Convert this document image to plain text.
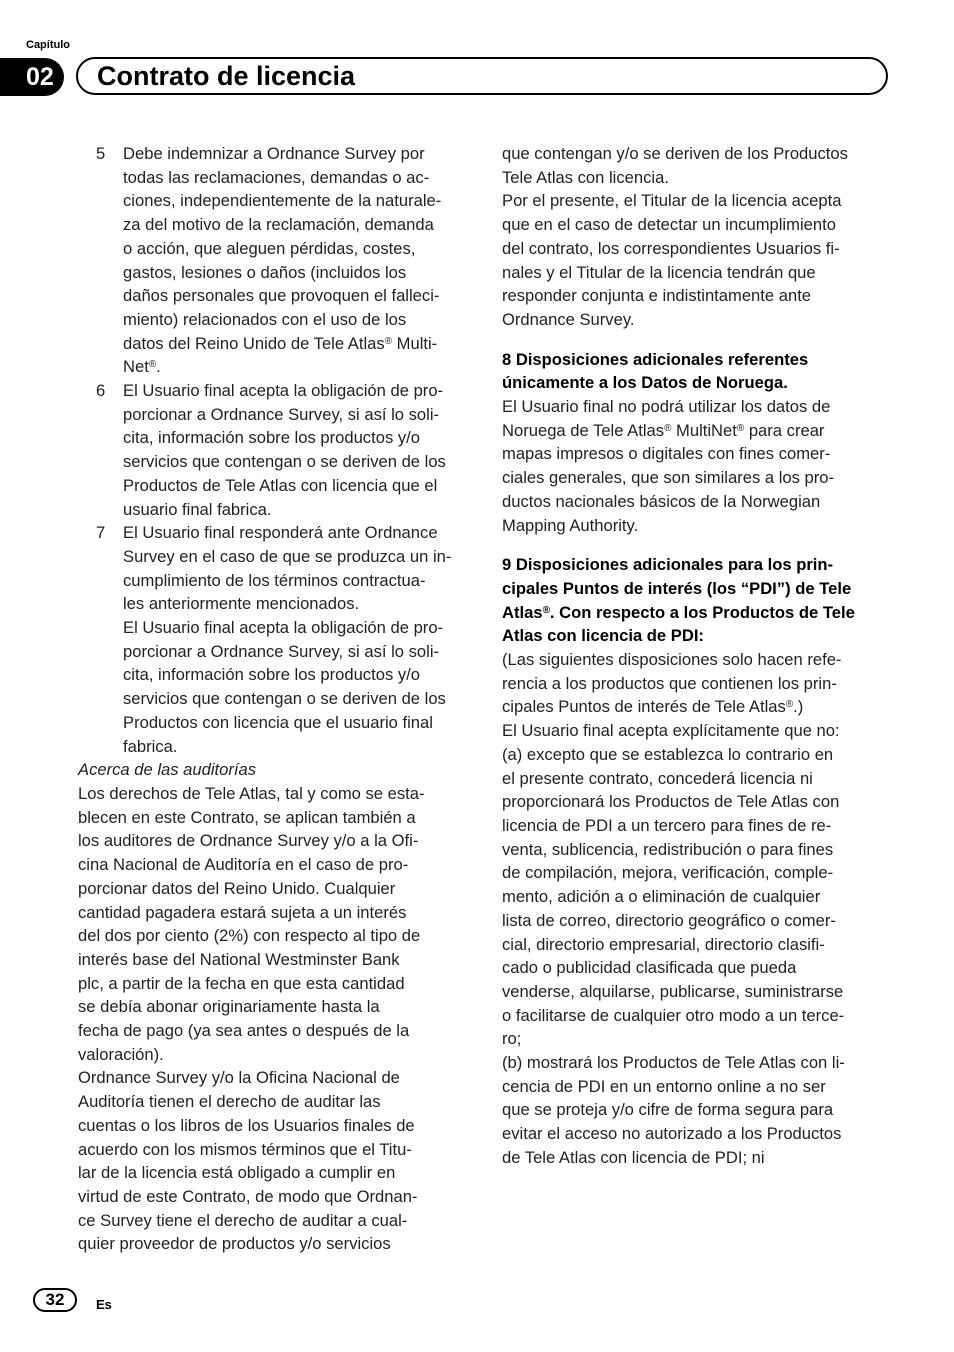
Capítulo
02	Contrato de licencia
5 Debe indemnizar a Ordnance Survey por
todas las reclamaciones, demandas o ac-
ciones, independientemente de la naturale-
za del motivo de la reclamación, demanda
o acción, que aleguen pérdidas, costes,
gastos, lesiones o daños (incluidos los
daños personales que provoquen el falleci-
miento) relacionados con el uso de los
datos del Reino Unido de Tele Atlas® Multi-
Net®.
6 El Usuario final acepta la obligación de pro-
porcionar a Ordnance Survey, si así lo soli-
cita, información sobre los productos y/o
servicios que contengan o se deriven de los
Productos de Tele Atlas con licencia que el
usuario final fabrica.
7 El Usuario final responderá ante Ordnance
Survey en el caso de que se produzca un in-
cumplimiento de los términos contractua-
les anteriormente mencionados.
El Usuario final acepta la obligación de pro-
porcionar a Ordnance Survey, si así lo soli-
cita, información sobre los productos y/o
servicios que contengan o se deriven de los
Productos con licencia que el usuario final
fabrica.
Acerca de las auditorías
Los derechos de Tele Atlas, tal y como se esta-
blecen en este Contrato, se aplican también a
los auditores de Ordnance Survey y/o a la Ofi-
cina Nacional de Auditoría en el caso de pro-
porcionar datos del Reino Unido. Cualquier
cantidad pagadera estará sujeta a un interés
del dos por ciento (2%) con respecto al tipo de
interés base del National Westminster Bank
plc, a partir de la fecha en que esta cantidad
se debía abonar originariamente hasta la
fecha de pago (ya sea antes o después de la
valoración).
Ordnance Survey y/o la Oficina Nacional de
Auditoría tienen el derecho de auditar las
cuentas o los libros de los Usuarios finales de
acuerdo con los mismos términos que el Titu-
lar de la licencia está obligado a cumplir en
virtud de este Contrato, de modo que Ordnan-
ce Survey tiene el derecho de auditar a cual-
quier proveedor de productos y/o servicios
que contengan y/o se deriven de los Productos
Tele Atlas con licencia.
Por el presente, el Titular de la licencia acepta
que en el caso de detectar un incumplimiento
del contrato, los correspondientes Usuarios fi-
nales y el Titular de la licencia tendrán que
responder conjunta e indistintamente ante
Ordnance Survey.
8 Disposiciones adicionales referentes
únicamente a los Datos de Noruega.
El Usuario final no podrá utilizar los datos de
Noruega de Tele Atlas® MultiNet® para crear
mapas impresos o digitales con fines comer-
ciales generales, que son similares a los pro-
ductos nacionales básicos de la Norwegian
Mapping Authority.
9 Disposiciones adicionales para los prin-
cipales Puntos de interés (los “PDI”) de Tele
Atlas®. Con respecto a los Productos de Tele
Atlas con licencia de PDI:
(Las siguientes disposiciones solo hacen refe-
rencia a los productos que contienen los prin-
cipales Puntos de interés de Tele Atlas®.)
El Usuario final acepta explícitamente que no:
(a) excepto que se establezca lo contrario en
el presente contrato, concederá licencia ni
proporcionará los Productos de Tele Atlas con
licencia de PDI a un tercero para fines de re-
venta, sublicencia, redistribución o para fines
de compilación, mejora, verificación, comple-
mento, adición a o eliminación de cualquier
lista de correo, directorio geográfico o comer-
cial, directorio empresarial, directorio clasifi-
cado o publicidad clasificada que pueda
venderse, alquilarse, publicarse, suministrarse
o facilitarse de cualquier otro modo a un terce-
ro;
(b) mostrará los Productos de Tele Atlas con li-
cencia de PDI en un entorno online a no ser
que se proteja y/o cifre de forma segura para
evitar el acceso no autorizado a los Productos
de Tele Atlas con licencia de PDI; ni
32	Es
